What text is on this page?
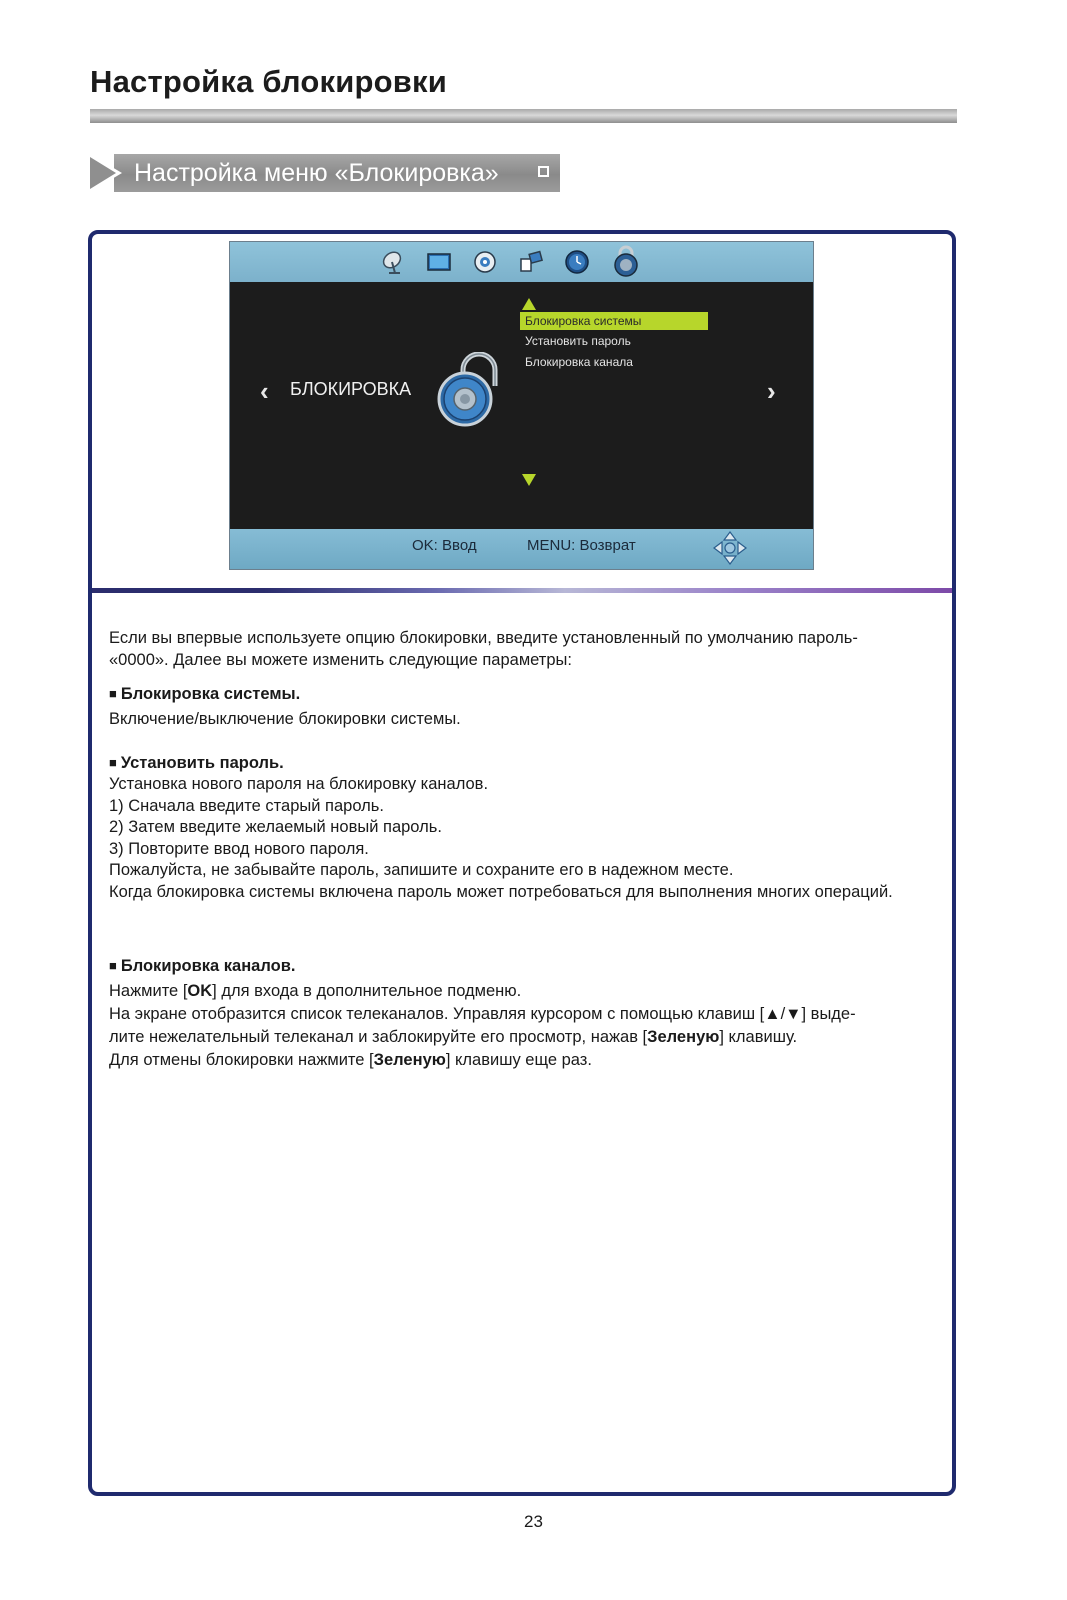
Настройка блокировки
Настройка меню «Блокировка»
‹ БЛОКИРОВКА
Блокировка системы
Установить пароль
Блокировка канала
›
OK: Ввод	MENU: Возврат
Если вы впервые используете опцию блокировки, введите установленный по умолчанию пароль-
«0000». Далее вы можете изменить следующие параметры:
■ Блокировка системы.
Включение/выключение блокировки системы.
■ Установить пароль.
Установка нового пароля на блокировку каналов.
1) Сначала введите старый пароль.
2) Затем введите желаемый новый пароль.
3) Повторите ввод нового пароля.
Пожалуйста, не забывайте пароль, запишите и сохраните его в надежном месте.
Когда блокировка системы включена пароль может потребоваться для выполнения многих операций.
■ Блокировка каналов.
Нажмите [OK] для входа в дополнительное подменю.
На экране отобразится список телеканалов. Управляя курсором с помощью клавиш [▲/▼] выде-
лите нежелательный телеканал и заблокируйте его просмотр, нажав [Зеленую] клавишу.
Для отмены блокировки нажмите [Зеленую] клавишу еще раз.
23
